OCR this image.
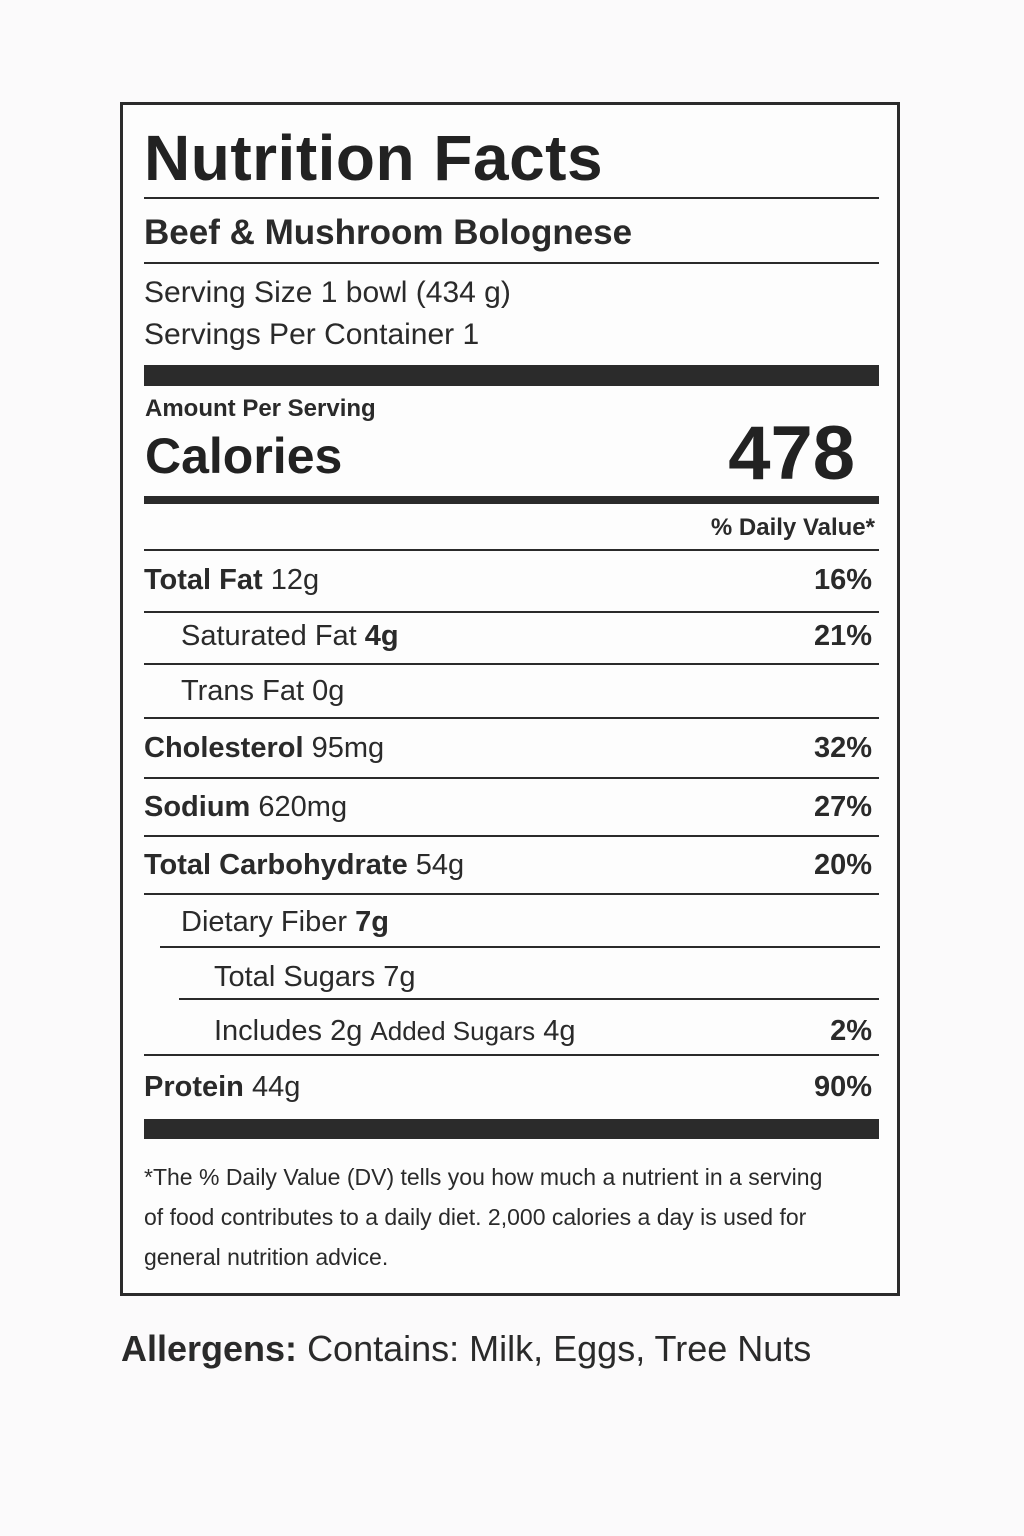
Nutrition Facts
Beef & Mushroom Bolognese
Serving Size 1 bowl (434 g)
Servings Per Container 1
Amount Per Serving
Calories	478
% Daily Value*
Total Fat 12g	16%
Saturated Fat 4g	21%
Trans Fat 0g
Cholesterol 95mg	32%
Sodium 620mg	27%
Total Carbohydrate 54g	20%
Dietary Fiber 7g
Total Sugars 7g
Includes 2g Added Sugars 4g	2%
Protein 44g	90%
*The % Daily Value (DV) tells you how much a nutrient in a serving of food contributes to a daily diet. 2,000 calories a day is used for general nutrition advice.
Allergens: Contains: Milk, Eggs, Tree Nuts
